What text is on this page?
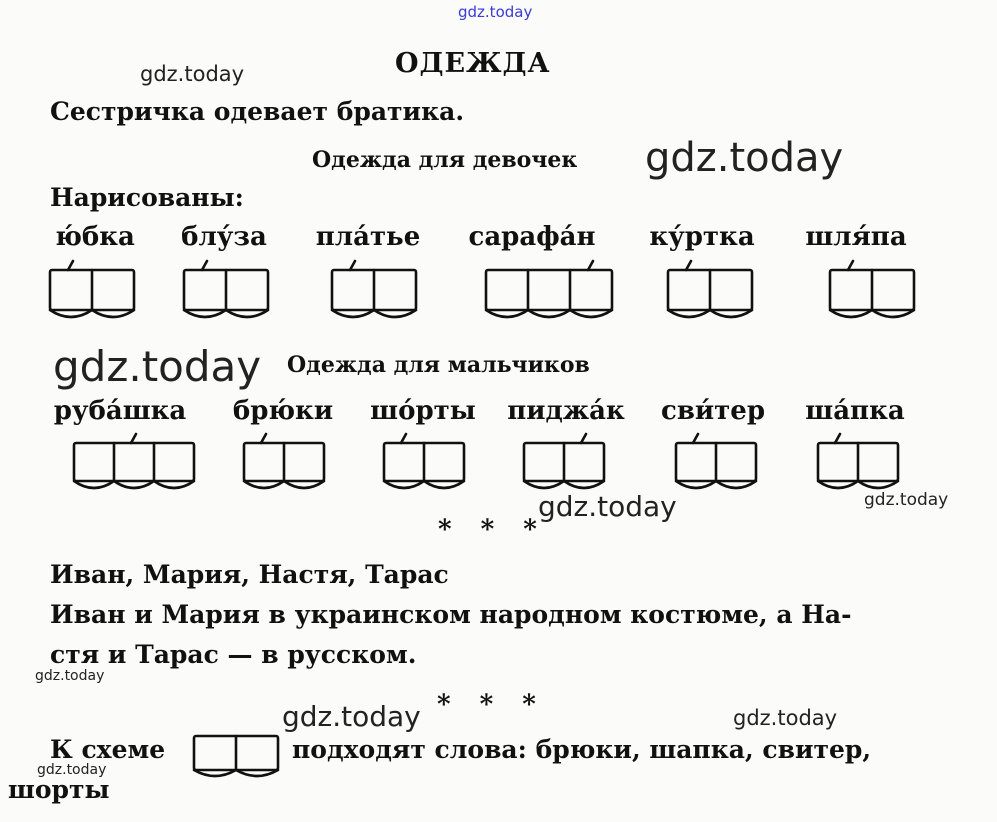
gdz.today
gdz.today
gdz.today
gdz.today
gdz.today	gdz.today
gdz.today
gdz.today	gdz.today
gdz.today
ОДЕЖДА
Сестричка одевает братика.
Одежда для девочек
Нарисованы:
ю́бка	блу́за	пла́тье	сарафа́н	ку́ртка	шля́па
Одежда для мальчиков
руба́шка	брю́ки	шо́рты	пиджа́к	сви́тер	ша́пка
* * *
Иван, Мария, Настя, Тарас
Иван и Мария в украинском народном костюме, а На-
стя и Тарас — в русском.
* * *
К схеме	подходят слова: брюки, шапка, свитер,
шорты
